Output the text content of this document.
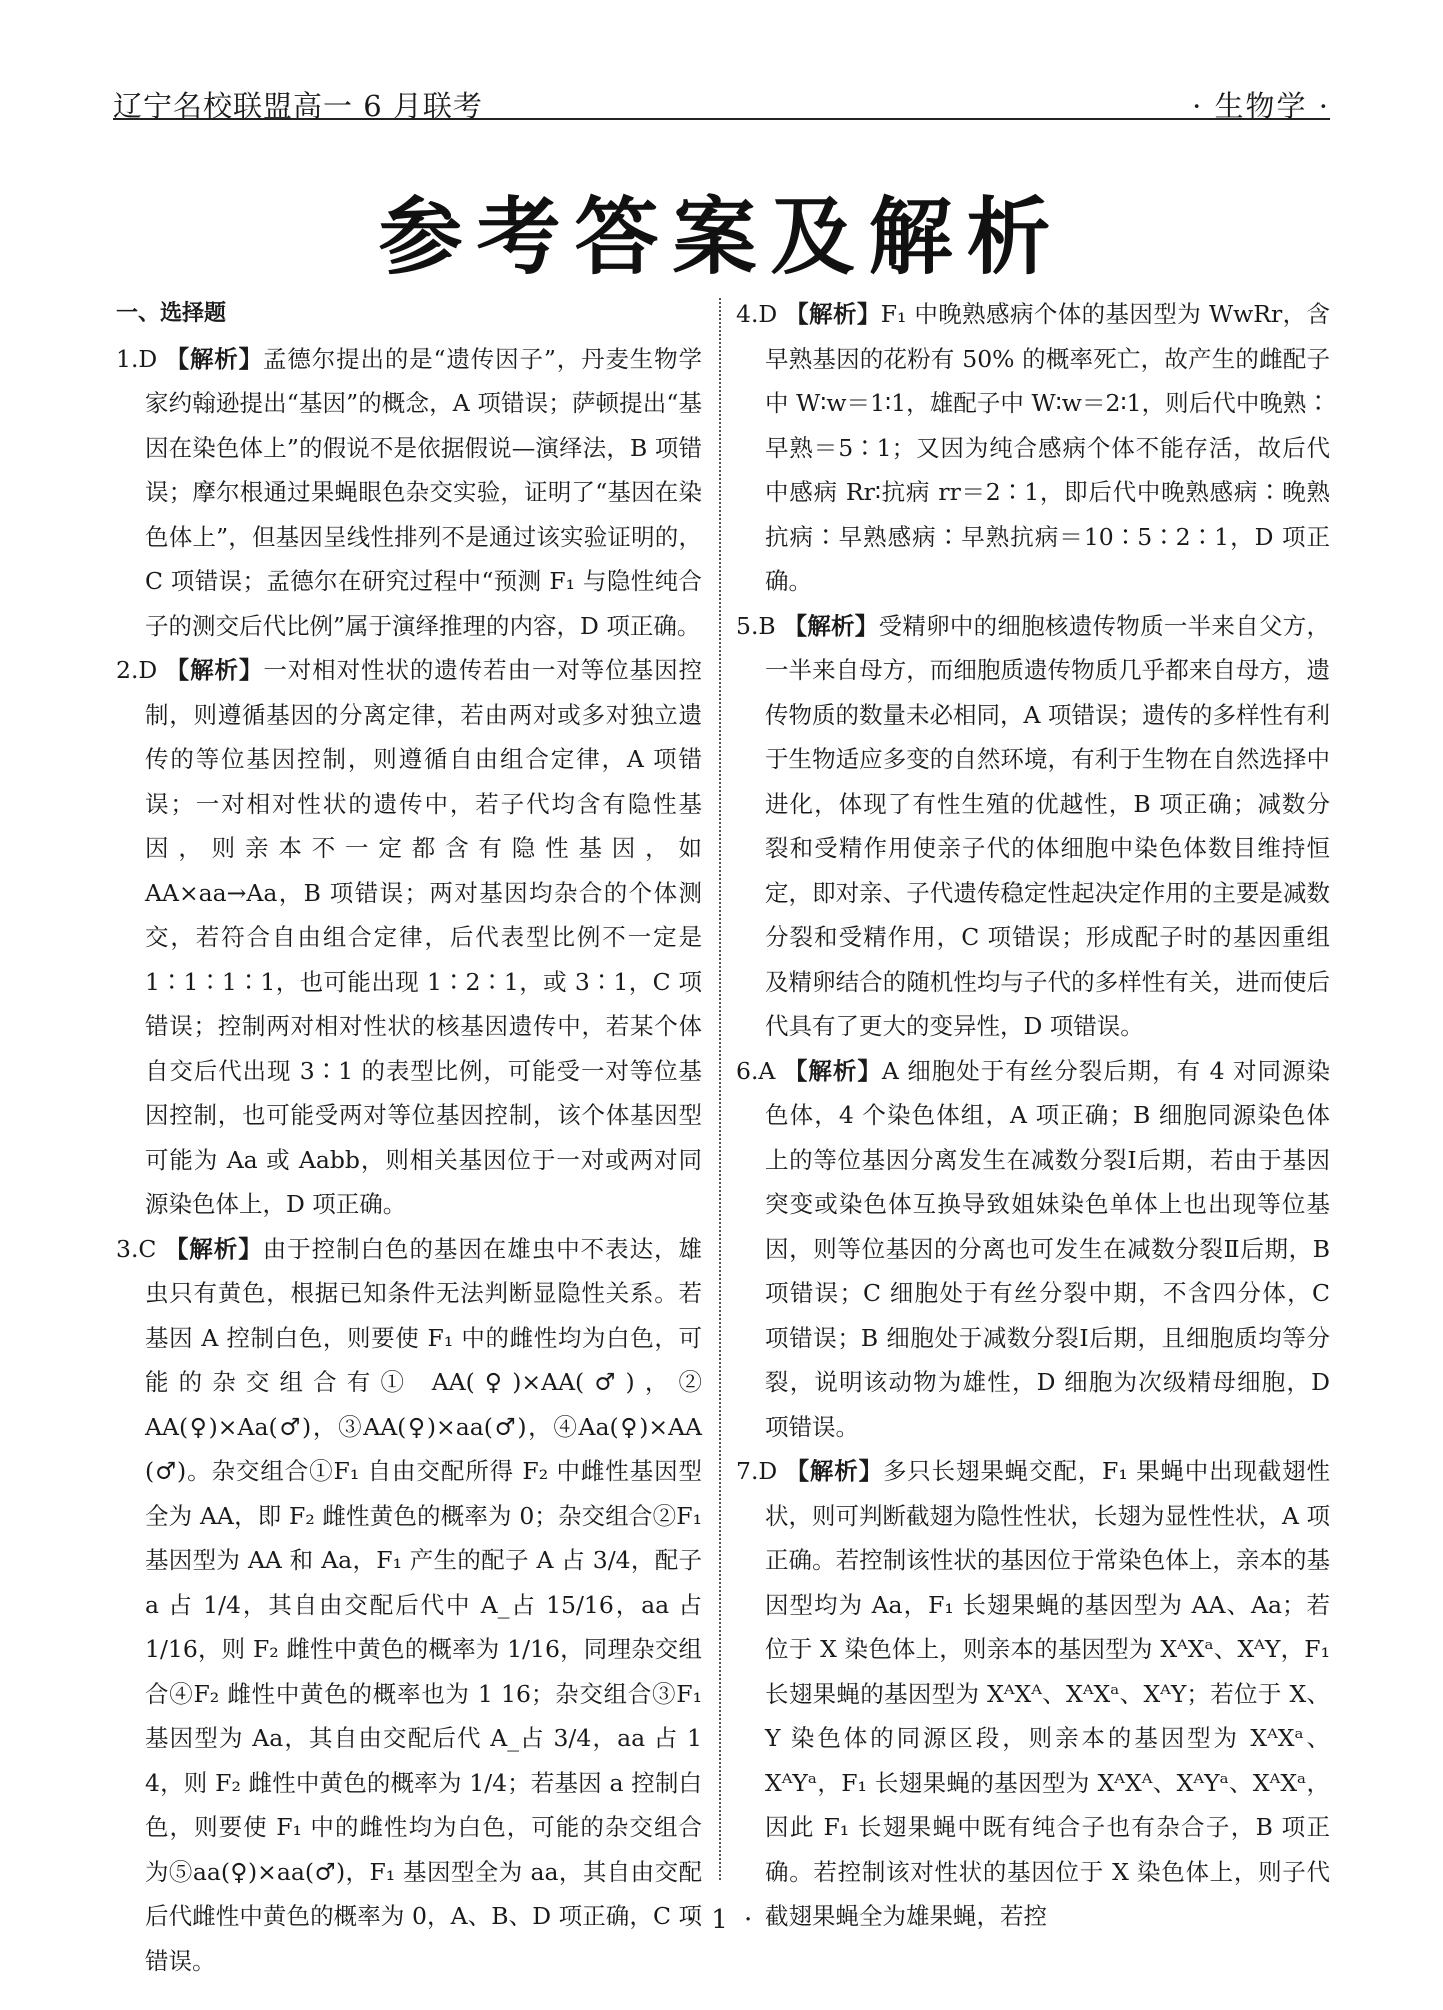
辽宁名校联盟高一 6 月联考	· 生物学 ·
参考答案及解析
一、选择题
1.D 【解析】孟德尔提出的是“遗传因子”，丹麦生物学家约翰逊提出“基因”的概念，A 项错误；萨顿提出“基因在染色体上”的假说不是依据假说—演绎法，B 项错误；摩尔根通过果蝇眼色杂交实验，证明了“基因在染色体上”，但基因呈线性排列不是通过该实验证明的，C 项错误；孟德尔在研究过程中“预测 F₁ 与隐性纯合子的测交后代比例”属于演绎推理的内容，D 项正确。
2.D 【解析】一对相对性状的遗传若由一对等位基因控制，则遵循基因的分离定律，若由两对或多对独立遗传的等位基因控制，则遵循自由组合定律，A 项错误；一对相对性状的遗传中，若子代均含有隐性基因，则亲本不一定都含有隐性基因，如 AA×aa→Aa，B 项错误；两对基因均杂合的个体测交，若符合自由组合定律，后代表型比例不一定是 1∶1∶1∶1，也可能出现 1∶2∶1，或 3∶1，C 项错误；控制两对相对性状的核基因遗传中，若某个体自交后代出现 3∶1 的表型比例，可能受一对等位基因控制，也可能受两对等位基因控制，该个体基因型可能为 Aa 或 Aabb，则相关基因位于一对或两对同源染色体上，D 项正确。
3.C 【解析】由于控制白色的基因在雄虫中不表达，雄虫只有黄色，根据已知条件无法判断显隐性关系。若基因 A 控制白色，则要使 F₁ 中的雌性均为白色，可能的杂交组合有① AA(♀)×AA(♂)，② AA(♀)×Aa(♂)，③AA(♀)×aa(♂)，④Aa(♀)×AA (♂)。杂交组合①F₁ 自由交配所得 F₂ 中雌性基因型全为 AA，即 F₂ 雌性黄色的概率为 0；杂交组合②F₁ 基因型为 AA 和 Aa，F₁ 产生的配子 A 占 3/4，配子 a 占 1/4，其自由交配后代中 A_占 15/16，aa 占 1/16，则 F₂ 雌性中黄色的概率为 1/16，同理杂交组合④F₂ 雌性中黄色的概率也为 1 16；杂交组合③F₁ 基因型为 Aa，其自由交配后代 A_占 3/4，aa 占 1 4，则 F₂ 雌性中黄色的概率为 1/4；若基因 a 控制白色，则要使 F₁ 中的雌性均为白色，可能的杂交组合为⑤aa(♀)×aa(♂)，F₁ 基因型全为 aa，其自由交配后代雌性中黄色的概率为 0，A、B、D 项正确，C 项错误。
4.D 【解析】F₁ 中晚熟感病个体的基因型为 WwRr，含早熟基因的花粉有 50% 的概率死亡，故产生的雌配子中 W∶w＝1∶1，雄配子中 W∶w＝2∶1，则后代中晚熟∶早熟＝5∶1；又因为纯合感病个体不能存活，故后代中感病 Rr∶抗病 rr＝2∶1，即后代中晚熟感病∶晚熟抗病∶早熟感病∶早熟抗病＝10∶5∶2∶1，D 项正确。
5.B 【解析】受精卵中的细胞核遗传物质一半来自父方，一半来自母方，而细胞质遗传物质几乎都来自母方，遗传物质的数量未必相同，A 项错误；遗传的多样性有利于生物适应多变的自然环境，有利于生物在自然选择中进化，体现了有性生殖的优越性，B 项正确；减数分裂和受精作用使亲子代的体细胞中染色体数目维持恒定，即对亲、子代遗传稳定性起决定作用的主要是减数分裂和受精作用，C 项错误；形成配子时的基因重组及精卵结合的随机性均与子代的多样性有关，进而使后代具有了更大的变异性，D 项错误。
6.A 【解析】A 细胞处于有丝分裂后期，有 4 对同源染色体，4 个染色体组，A 项正确；B 细胞同源染色体上的等位基因分离发生在减数分裂Ⅰ后期，若由于基因突变或染色体互换导致姐妹染色单体上也出现等位基因，则等位基因的分离也可发生在减数分裂Ⅱ后期，B 项错误；C 细胞处于有丝分裂中期，不含四分体，C 项错误；B 细胞处于减数分裂Ⅰ后期，且细胞质均等分裂，说明该动物为雄性，D 细胞为次级精母细胞，D 项错误。
7.D 【解析】多只长翅果蝇交配，F₁ 果蝇中出现截翅性状，则可判断截翅为隐性性状，长翅为显性性状，A 项正确。若控制该性状的基因位于常染色体上，亲本的基因型均为 Aa，F₁ 长翅果蝇的基因型为 AA、Aa；若位于 X 染色体上，则亲本的基因型为 XᴬXᵃ、XᴬY，F₁ 长翅果蝇的基因型为 XᴬXᴬ、XᴬXᵃ、XᴬY；若位于 X、Y 染色体的同源区段，则亲本的基因型为 XᴬXᵃ、XᴬYᵃ，F₁ 长翅果蝇的基因型为 XᴬXᴬ、XᴬYᵃ、XᴬXᵃ，因此 F₁ 长翅果蝇中既有纯合子也有杂合子，B 项正确。若控制该对性状的基因位于 X 染色体上，则子代截翅果蝇全为雄果蝇，若控
· 1 ·
